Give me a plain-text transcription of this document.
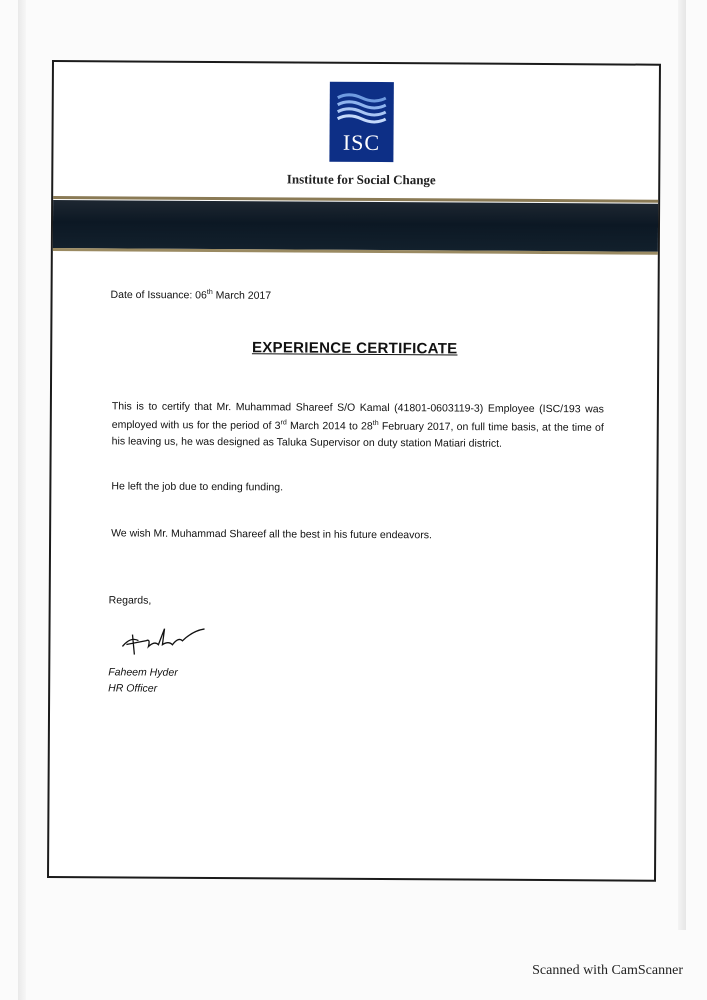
ISC
Institute for Social Change
Date of Issuance: 06th March 2017
EXPERIENCE CERTIFICATE
This is to certify that Mr. Muhammad Shareef S/O Kamal (41801-0603119-3) Employee (ISC/193 was employed with us for the period of 3rd March 2014 to 28th February 2017, on full time basis, at the time of his leaving us, he was designed as Taluka Supervisor on duty station Matiari district.
He left the job due to ending funding.
We wish Mr. Muhammad Shareef all the best in his future endeavors.
Regards,
Faheem Hyder
HR Officer
Scanned with CamScanner
